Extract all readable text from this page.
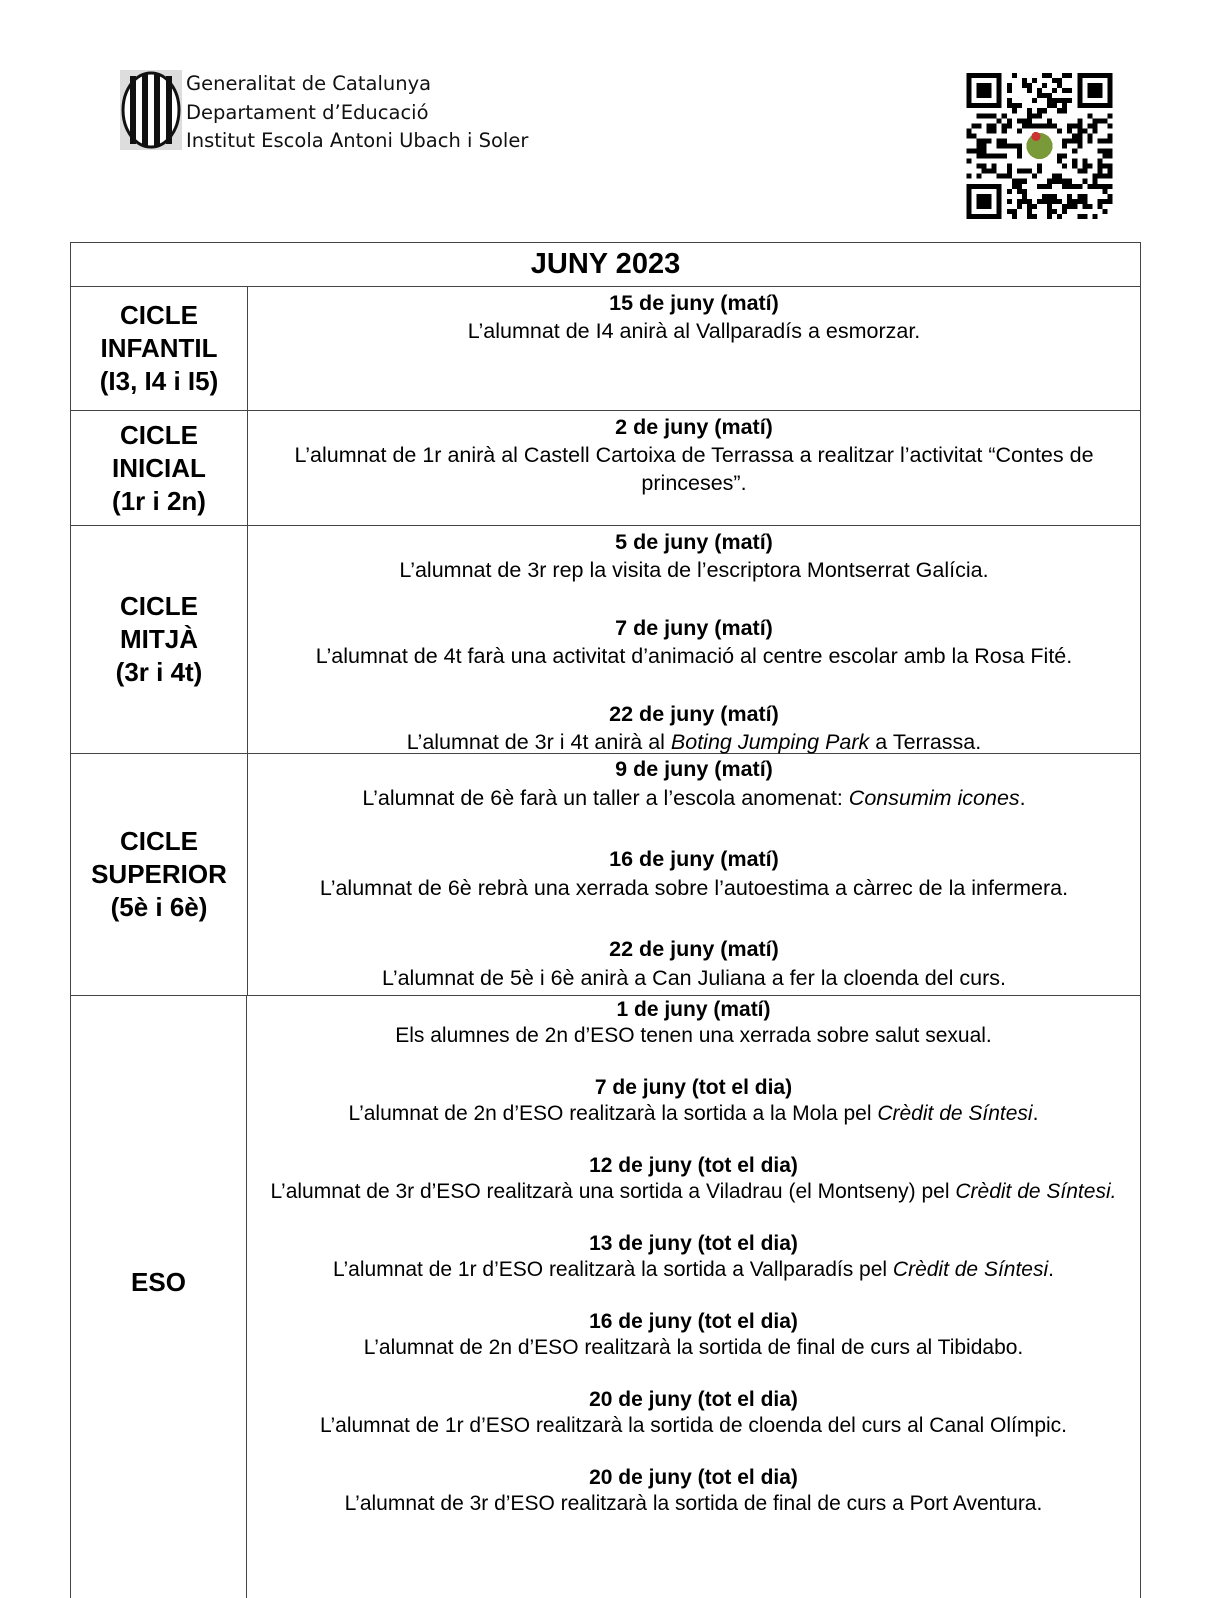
Generalitat de Catalunya
Departament d’Educació
Institut Escola Antoni Ubach i Soler
JUNY 2023
CICLE
INFANTIL
(I3, I4 i I5)
15 de juny (matí)
L’alumnat de I4 anirà al Vallparadís a esmorzar.
CICLE
INICIAL
(1r i 2n)
2 de juny (matí)
L’alumnat de 1r anirà al Castell Cartoixa de Terrassa a realitzar l’activitat “Contes de princeses”.
CICLE
MITJÀ
(3r i 4t)
5 de juny (matí)
L’alumnat de 3r rep la visita de l’escriptora Montserrat Galícia.
7 de juny (matí)
L’alumnat de 4t farà una activitat d’animació al centre escolar amb la Rosa Fité.
22 de juny (matí)
L’alumnat de 3r i 4t anirà al Boting Jumping Park a Terrassa.
CICLE
SUPERIOR
(5è i 6è)
9 de juny (matí)
L’alumnat de 6è farà un taller a l’escola anomenat: Consumim icones.
16 de juny (matí)
L’alumnat de 6è rebrà una xerrada sobre l’autoestima a càrrec de la infermera.
22 de juny (matí)
L’alumnat de 5è i 6è anirà a Can Juliana a fer la cloenda del curs.
ESO
1 de juny (matí)
Els alumnes de 2n d’ESO tenen una xerrada sobre salut sexual.
7 de juny (tot el dia)
L’alumnat de 2n d’ESO realitzarà la sortida a la Mola pel Crèdit de Síntesi.
12 de juny (tot el dia)
L’alumnat de 3r d’ESO realitzarà una sortida a Viladrau (el Montseny) pel Crèdit de Síntesi.
13 de juny (tot el dia)
L’alumnat de 1r d’ESO realitzarà la sortida a Vallparadís pel Crèdit de Síntesi.
16 de juny (tot el dia)
L’alumnat de 2n d’ESO realitzarà la sortida de final de curs al Tibidabo.
20 de juny (tot el dia)
L’alumnat de 1r d’ESO realitzarà la sortida de cloenda del curs al Canal Olímpic.
20 de juny (tot el dia)
L’alumnat de 3r d’ESO realitzarà la sortida de final de curs a Port Aventura.
